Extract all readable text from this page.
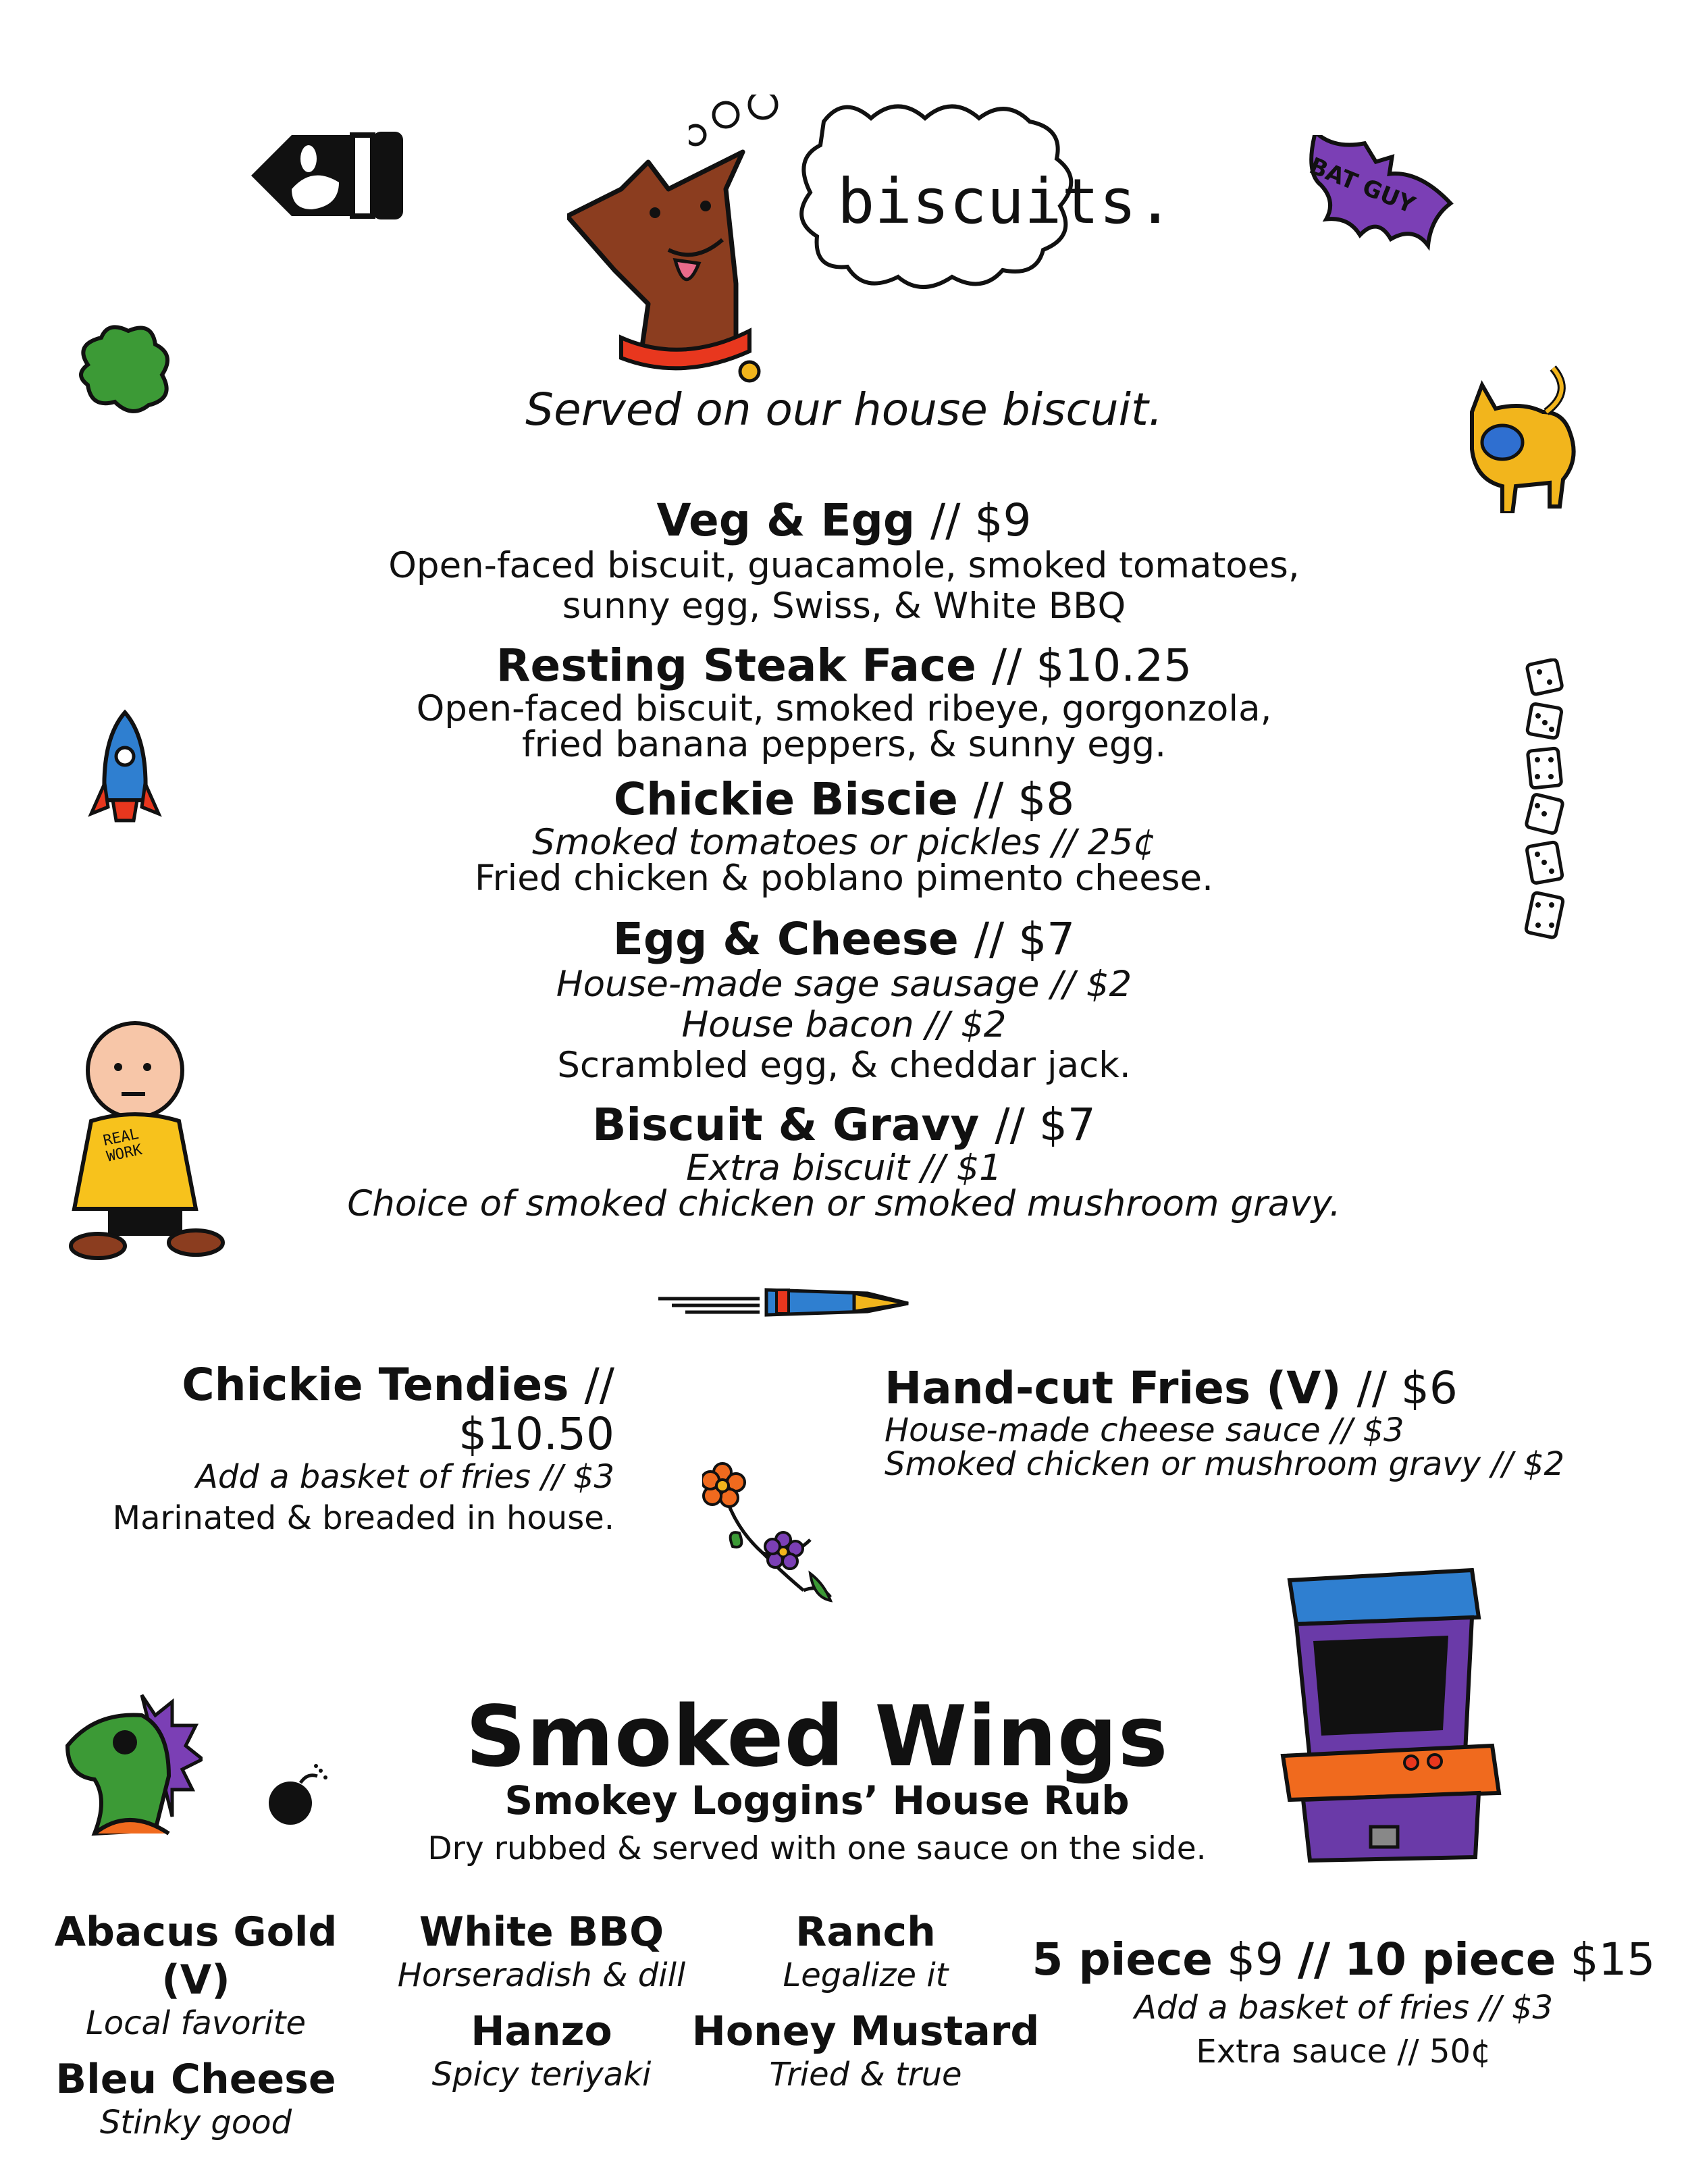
biscuits.	BAT GUY
REAL WORK
Served on our house biscuit.
Veg & Egg // $9
Open-faced biscuit, guacamole, smoked tomatoes,
sunny egg, Swiss, & White BBQ
Resting Steak Face // $10.25
Open-faced biscuit, smoked ribeye, gorgonzola,
fried banana peppers, & sunny egg.
Chickie Biscie // $8
Smoked tomatoes or pickles // 25¢
Fried chicken & poblano pimento cheese.
Egg & Cheese // $7
House-made sage sausage // $2
House bacon // $2
Scrambled egg, & cheddar jack.
Biscuit & Gravy // $7
Extra biscuit // $1
Choice of smoked chicken or smoked mushroom gravy.
Chickie Tendies // $10.50
Add a basket of fries // $3
Marinated & breaded in house.
Hand-cut Fries (V) // $6
House-made cheese sauce // $3
Smoked chicken or mushroom gravy // $2
Smoked Wings
Smokey Loggins’ House Rub
Dry rubbed & served with one sauce on the side.
Abacus Gold (V)
Local favorite
Bleu Cheese
Stinky good
White BBQ
Horseradish & dill
Hanzo
Spicy teriyaki
Ranch
Legalize it
Honey Mustard
Tried & true
5 piece $9 // 10 piece $15
Add a basket of fries // $3
Extra sauce // 50¢
